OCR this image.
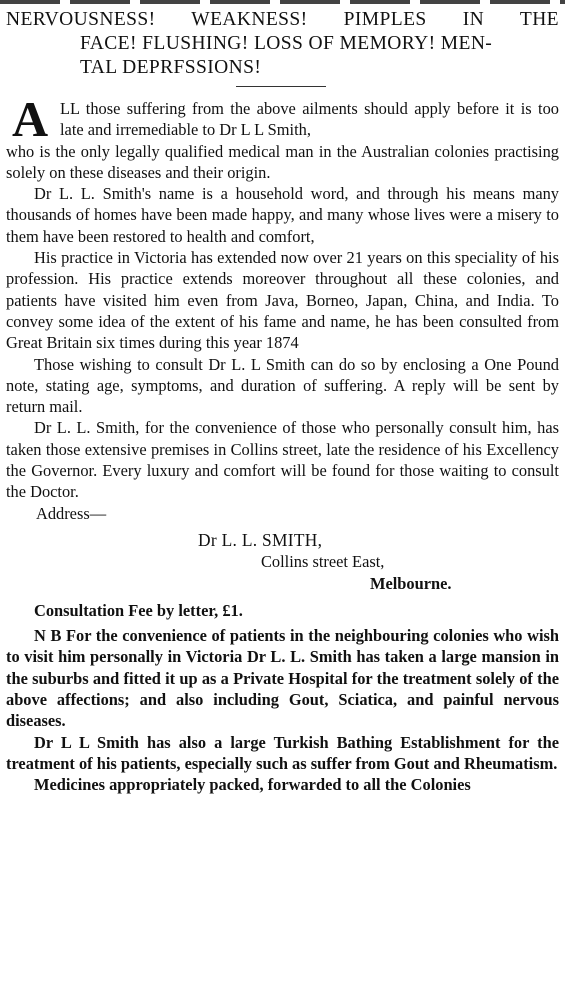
NERVOUSNESS! WEAKNESS! PIMPLES IN THE
FACE! FLUSHING! LOSS OF MEMORY! MEN-
TAL DEPRFSSIONS!
A LL those suffering from the above ailments should apply before it is too late and irremediable to Dr L L Smith,

who is the only legally qualified medical man in the Australian colonies practising solely on these diseases and their origin.

Dr L. L. Smith's name is a household word, and through his means many thousands of homes have been made happy, and many whose lives were a misery to them have been restored to health and comfort,

His practice in Victoria has extended now over 21 years on this speciality of his profession. His practice extends moreover throughout all these colonies, and patients have visited him even from Java, Borneo, Japan, China, and India. To convey some idea of the extent of his fame and name, he has been consulted from Great Britain six times during this year 1874

Those wishing to consult Dr L. L Smith can do so by enclosing a One Pound note, stating age, symptoms, and duration of suffering. A reply will be sent by return mail.

Dr L. L. Smith, for the convenience of those who personally consult him, has taken those extensive premises in Collins street, late the residence of his Excellency the Governor. Every luxury and comfort will be found for those waiting to consult the Doctor.

Address—

Dr L. L. SMITH,

Collins street East,

Melbourne.

Consultation Fee by letter, £1.

N B For the convenience of patients in the neighbouring colonies who wish to visit him personally in Victoria Dr L. L. Smith has taken a large mansion in the suburbs and fitted it up as a Private Hospital for the treatment solely of the above affections; and also including Gout, Sciatica, and painful nervous diseases.

Dr L L Smith has also a large Turkish Bathing Establishment for the treatment of his patients, especially such as suffer from Gout and Rheumatism.

Medicines appropriately packed, forwarded to all the Colonies
